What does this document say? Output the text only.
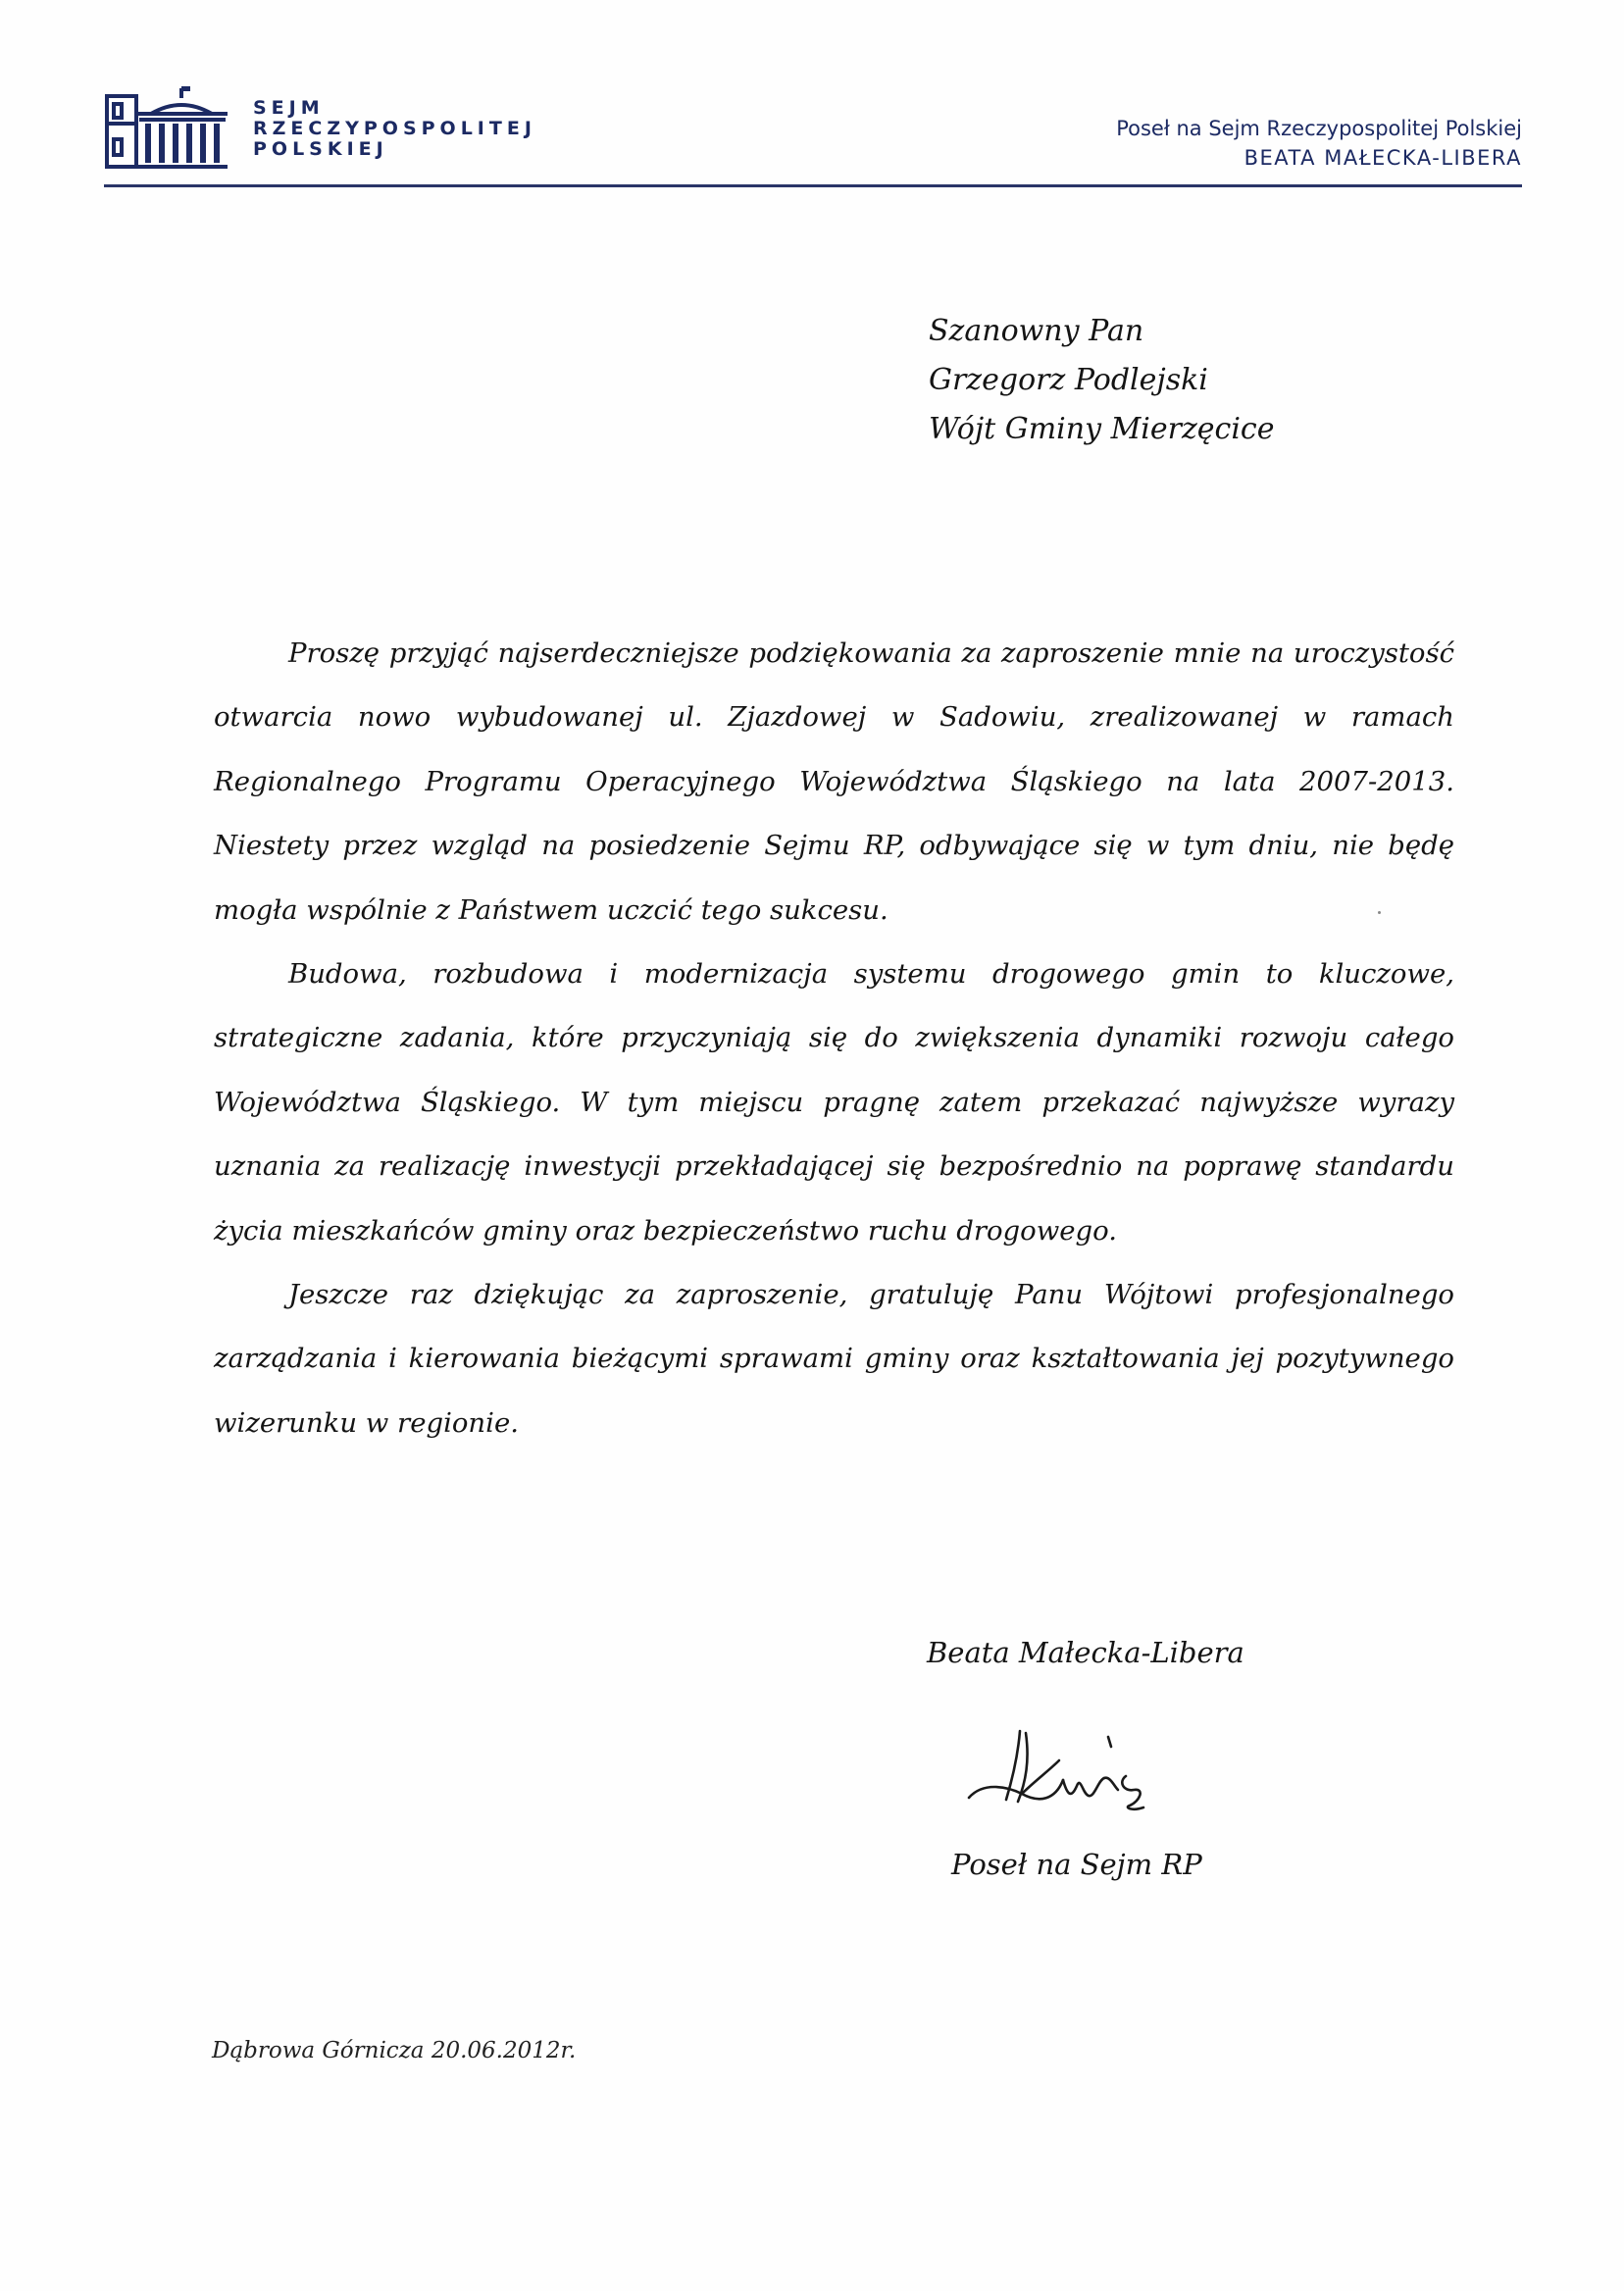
SEJM
RZECZYPOSPOLITEJ
POLSKIEJ
Poseł na Sejm Rzeczypospolitej Polskiej
BEATA MAŁECKA-LIBERA
Szanowny Pan
Grzegorz Podlejski
Wójt Gminy Mierzęcice

Proszę przyjąć najserdeczniejsze podziękowania za zaproszenie mnie na uroczystość otwarcia nowo wybudowanej ul. Zjazdowej w Sadowiu, zrealizowanej w ramach Regionalnego Programu Operacyjnego Województwa Śląskiego na lata 2007-2013. Niestety przez wzgląd na posiedzenie Sejmu RP, odbywające się w tym dniu, nie będę mogła wspólnie z Państwem uczcić tego sukcesu.

Budowa, rozbudowa i modernizacja systemu drogowego gmin to kluczowe, strategiczne zadania, które przyczyniają się do zwiększenia dynamiki rozwoju całego Województwa Śląskiego. W tym miejscu pragnę zatem przekazać najwyższe wyrazy uznania za realizację inwestycji przekładającej się bezpośrednio na poprawę standardu życia mieszkańców gminy oraz bezpieczeństwo ruchu drogowego.

Jeszcze raz dziękując za zaproszenie, gratuluję Panu Wójtowi profesjonalnego zarządzania i kierowania bieżącymi sprawami gminy oraz kształtowania jej pozytywnego wizerunku w regionie.

Beata Małecka-Libera
Poseł na Sejm RP
Dąbrowa Górnicza 20.06.2012r.
